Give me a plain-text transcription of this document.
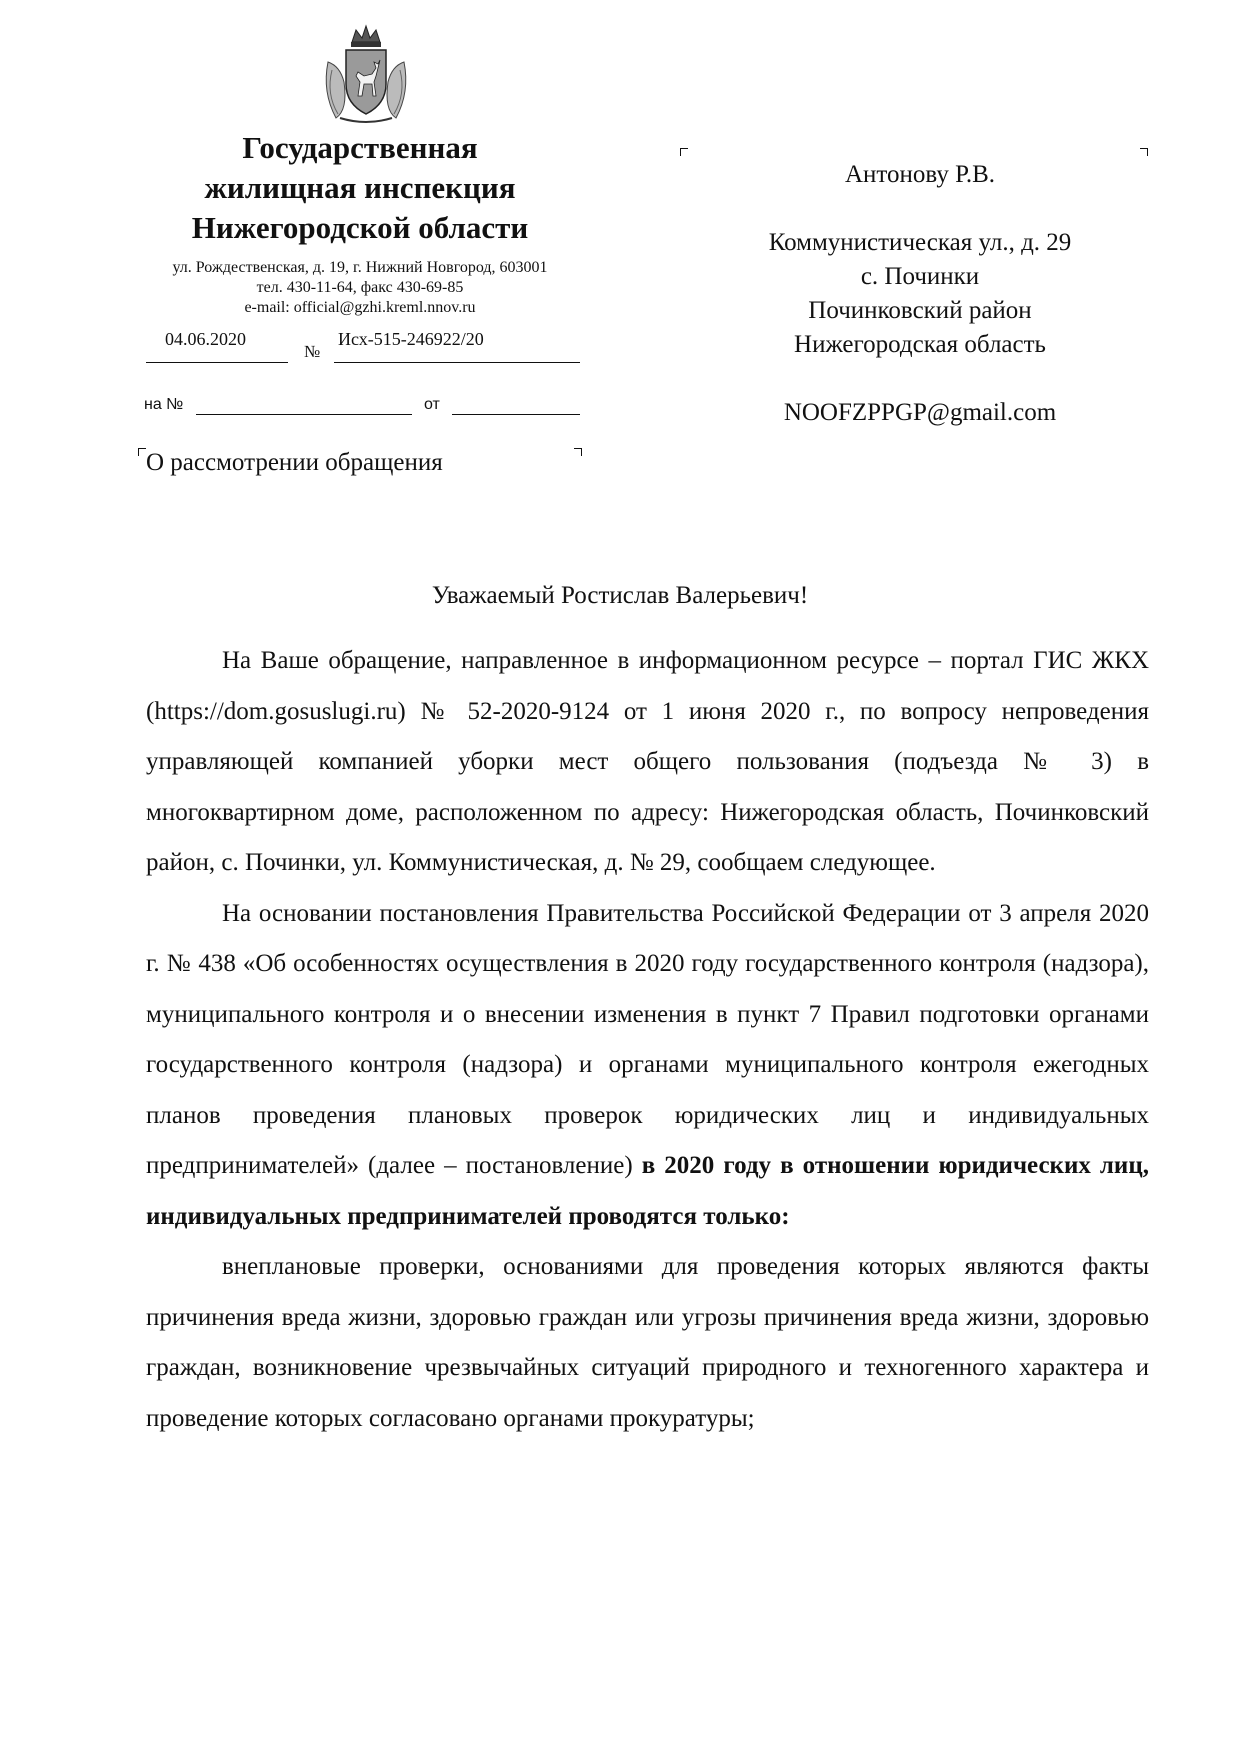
Государственная
жилищная инспекция
Нижегородской области
ул. Рождественская, д. 19, г. Нижний Новгород, 603001
тел. 430-11-64, факс 430-69-85
e-mail: official@gzhi.kreml.nnov.ru
04.06.2020
№
Исх-515-246922/20
на №	от
О рассмотрении обращения
Антонову Р.В.
Коммунистическая ул., д. 29
с. Починки
Починковский район
Нижегородская область
NOOFZPPGP@gmail.com
Уважаемый Ростислав Валерьевич!

На Ваше обращение, направленное в информационном ресурсе – портал ГИС ЖКХ (https://dom.gosuslugi.ru) № 52-2020-9124 от 1 июня 2020 г., по вопросу непроведения управляющей компанией уборки мест общего пользования (подъезда № 3) в многоквартирном доме, расположенном по адресу: Нижегородская область, Починковский район, с. Починки, ул. Коммунистическая, д. № 29, сообщаем следующее.

На основании постановления Правительства Российской Федерации от 3 апреля 2020 г. № 438 «Об особенностях осуществления в 2020 году государственного контроля (надзора), муниципального контроля и о внесении изменения в пункт 7 Правил подготовки органами государственного контроля (надзора) и органами муниципального контроля ежегодных планов проведения плановых проверок юридических лиц и индивидуальных предпринимателей» (далее – постановление) в 2020 году в отношении юридических лиц, индивидуальных предпринимателей проводятся только:

внеплановые проверки, основаниями для проведения которых являются факты причинения вреда жизни, здоровью граждан или угрозы причинения вреда жизни, здоровью граждан, возникновение чрезвычайных ситуаций природного и техногенного характера и проведение которых согласовано органами прокуратуры;
